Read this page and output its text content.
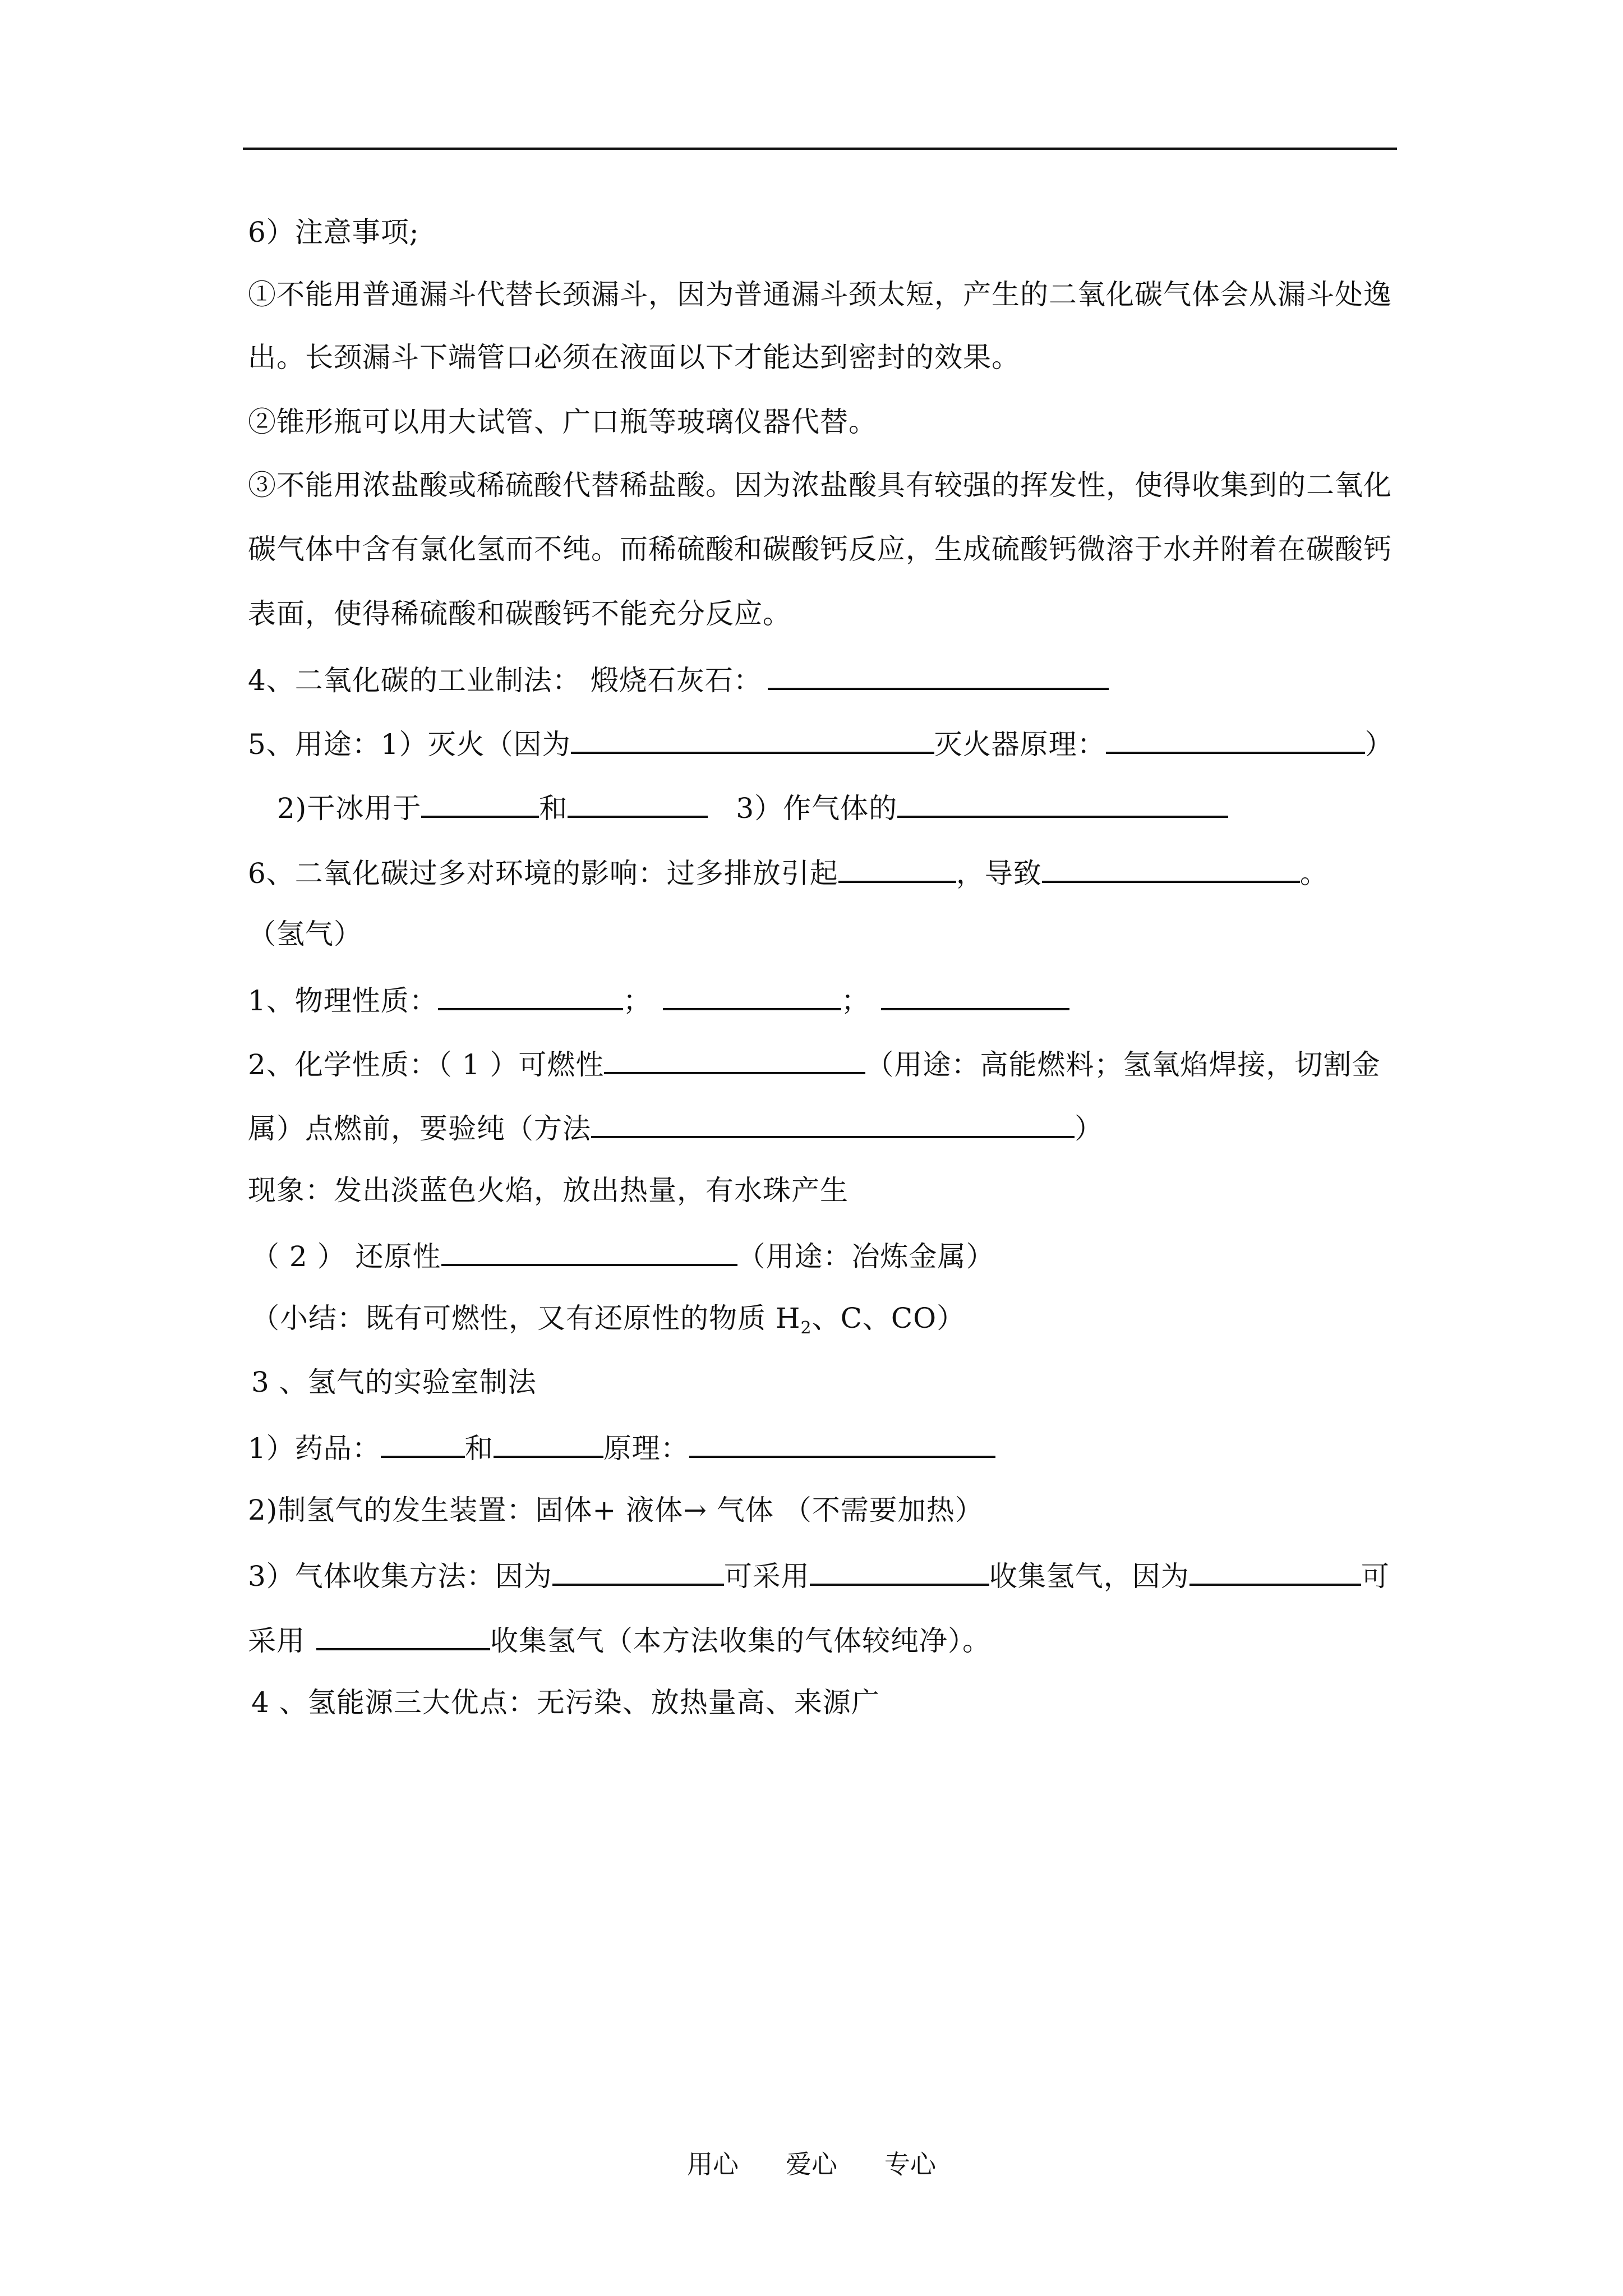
6）注意事项;
①不能用普通漏斗代替长颈漏斗，因为普通漏斗颈太短，产生的二氧化碳气体会从漏斗处逸
出。长颈漏斗下端管口必须在液面以下才能达到密封的效果。
②锥形瓶可以用大试管、广口瓶等玻璃仪器代替。
③不能用浓盐酸或稀硫酸代替稀盐酸。因为浓盐酸具有较强的挥发性，使得收集到的二氧化
碳气体中含有氯化氢而不纯。而稀硫酸和碳酸钙反应，生成硫酸钙微溶于水并附着在碳酸钙
表面，使得稀硫酸和碳酸钙不能充分反应。
4、二氧化碳的工业制法： 煅烧石灰石：
5、用途：1）灭火（因为	灭火器原理：	）
2)干冰用于	和	3）作气体的
6、二氧化碳过多对环境的影响：过多排放引起	，导致	。
（氢气）
1、物理性质：	；	；
2、化学性质：（ 1 ）可燃性	（用途：高能燃料；氢氧焰焊接，切割金
属）点燃前，要验纯（方法	）
现象：发出淡蓝色火焰，放出热量，有水珠产生
（ 2 ） 还原性	（用途：冶炼金属）
（小结：既有可燃性，又有还原性的物质 $H_2$、C、CO）
3 、氢气的实验室制法
1）药品：	和	原理：
2)制氢气的发生装置：固体+ 液体→ 气体 （不需要加热）
3）气体收集方法：因为	可采用	收集氢气，因为	可
采用	收集氢气（本方法收集的气体较纯净）。
4 、氢能源三大优点：无污染、放热量高、来源广
用心 爱心 专心
